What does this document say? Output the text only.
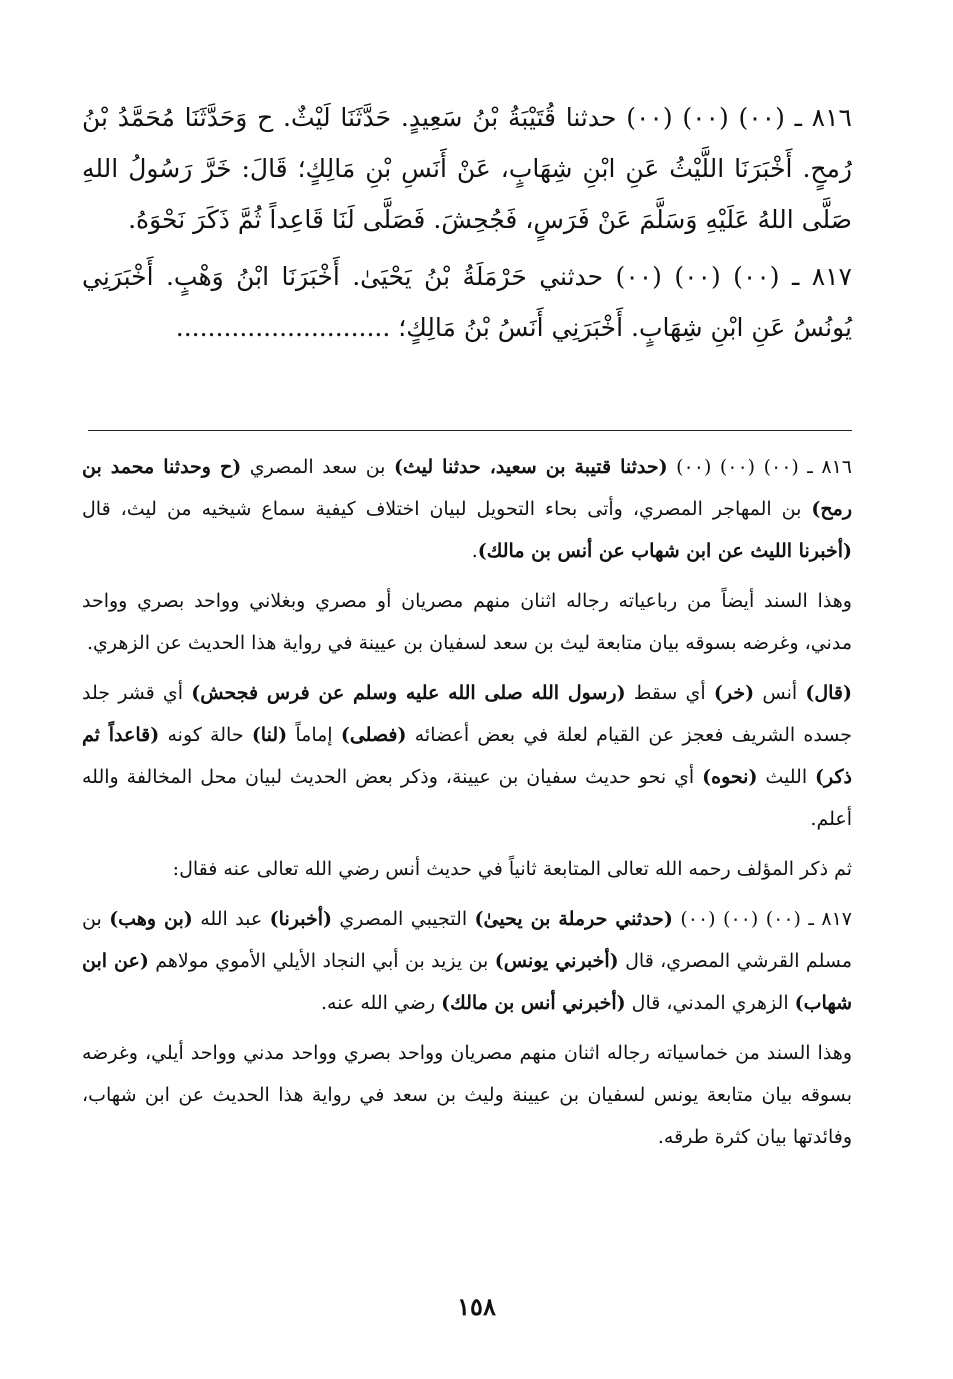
٨١٦ ـ (٠٠) (٠٠) (٠٠) حدثنا قُتَيْبَةُ بْنُ سَعِيدٍ. حَدَّثَنَا لَيْثٌ. ح وَحَدَّثَنَا مُحَمَّدُ بْنُ رُمحٍ. أَخْبَرَنَا اللَّيْثُ عَنِ ابْنِ شِهَابٍ، عَنْ أَنَسِ بْنِ مَالِكٍ؛ قَالَ: خَرَّ رَسُولُ اللهِ صَلَّى اللهُ عَلَيْهِ وَسَلَّمَ عَنْ فَرَسٍ، فَجُحِشَ. فَصَلَّى لَنَا قَاعِداً ثُمَّ ذَكَرَ نَحْوَهُ.

٨١٧ ـ (٠٠) (٠٠) (٠٠) حدثني حَرْمَلَةُ بْنُ يَحْيَىٰ. أَخْبَرَنَا ابْنُ وَهْبٍ. أَخْبَرَنِي يُونُسُ عَنِ ابْنِ شِهَابٍ. أَخْبَرَنِي أَنَسُ بْنُ مَالِكٍ؛ ...........................

٨١٦ ـ (٠٠) (٠٠) (٠٠) (حدثنا قتيبة بن سعيد، حدثنا ليث) بن سعد المصري (ح وحدثنا محمد بن رمح) بن المهاجر المصري، وأتى بحاء التحويل لبيان اختلاف كيفية سماع شيخيه من ليث، قال (أخبرنا الليث عن ابن شهاب عن أنس بن مالك).

وهذا السند أيضاً من رباعياته رجاله اثنان منهم مصريان أو مصري وبغلاني وواحد بصري وواحد مدني، وغرضه بسوقه بيان متابعة ليث بن سعد لسفيان بن عيينة في رواية هذا الحديث عن الزهري.

(قال) أنس (خر) أي سقط (رسول الله صلى الله عليه وسلم عن فرس فجحش) أي قشر جلد جسده الشريف فعجز عن القيام لعلة في بعض أعضائه (فصلى) إماماً (لنا) حالة كونه (قاعداً ثم ذكر) الليث (نحوه) أي نحو حديث سفيان بن عيينة، وذكر بعض الحديث لبيان محل المخالفة والله أعلم.

ثم ذكر المؤلف رحمه الله تعالى المتابعة ثانياً في حديث أنس رضي الله تعالى عنه فقال:

٨١٧ ـ (٠٠) (٠٠) (٠٠) (حدثني حرملة بن يحيىٰ) التجيبي المصري (أخبرنا) عبد الله (بن وهب) بن مسلم القرشي المصري، قال (أخبرني يونس) بن يزيد بن أبي النجاد الأيلي الأموي مولاهم (عن ابن شهاب) الزهري المدني، قال (أخبرني أنس بن مالك) رضي الله عنه.

وهذا السند من خماسياته رجاله اثنان منهم مصريان وواحد بصري وواحد مدني وواحد أيلي، وغرضه بسوقه بيان متابعة يونس لسفيان بن عيينة وليث بن سعد في رواية هذا الحديث عن ابن شهاب، وفائدتها بيان كثرة طرقه.

١٥٨
